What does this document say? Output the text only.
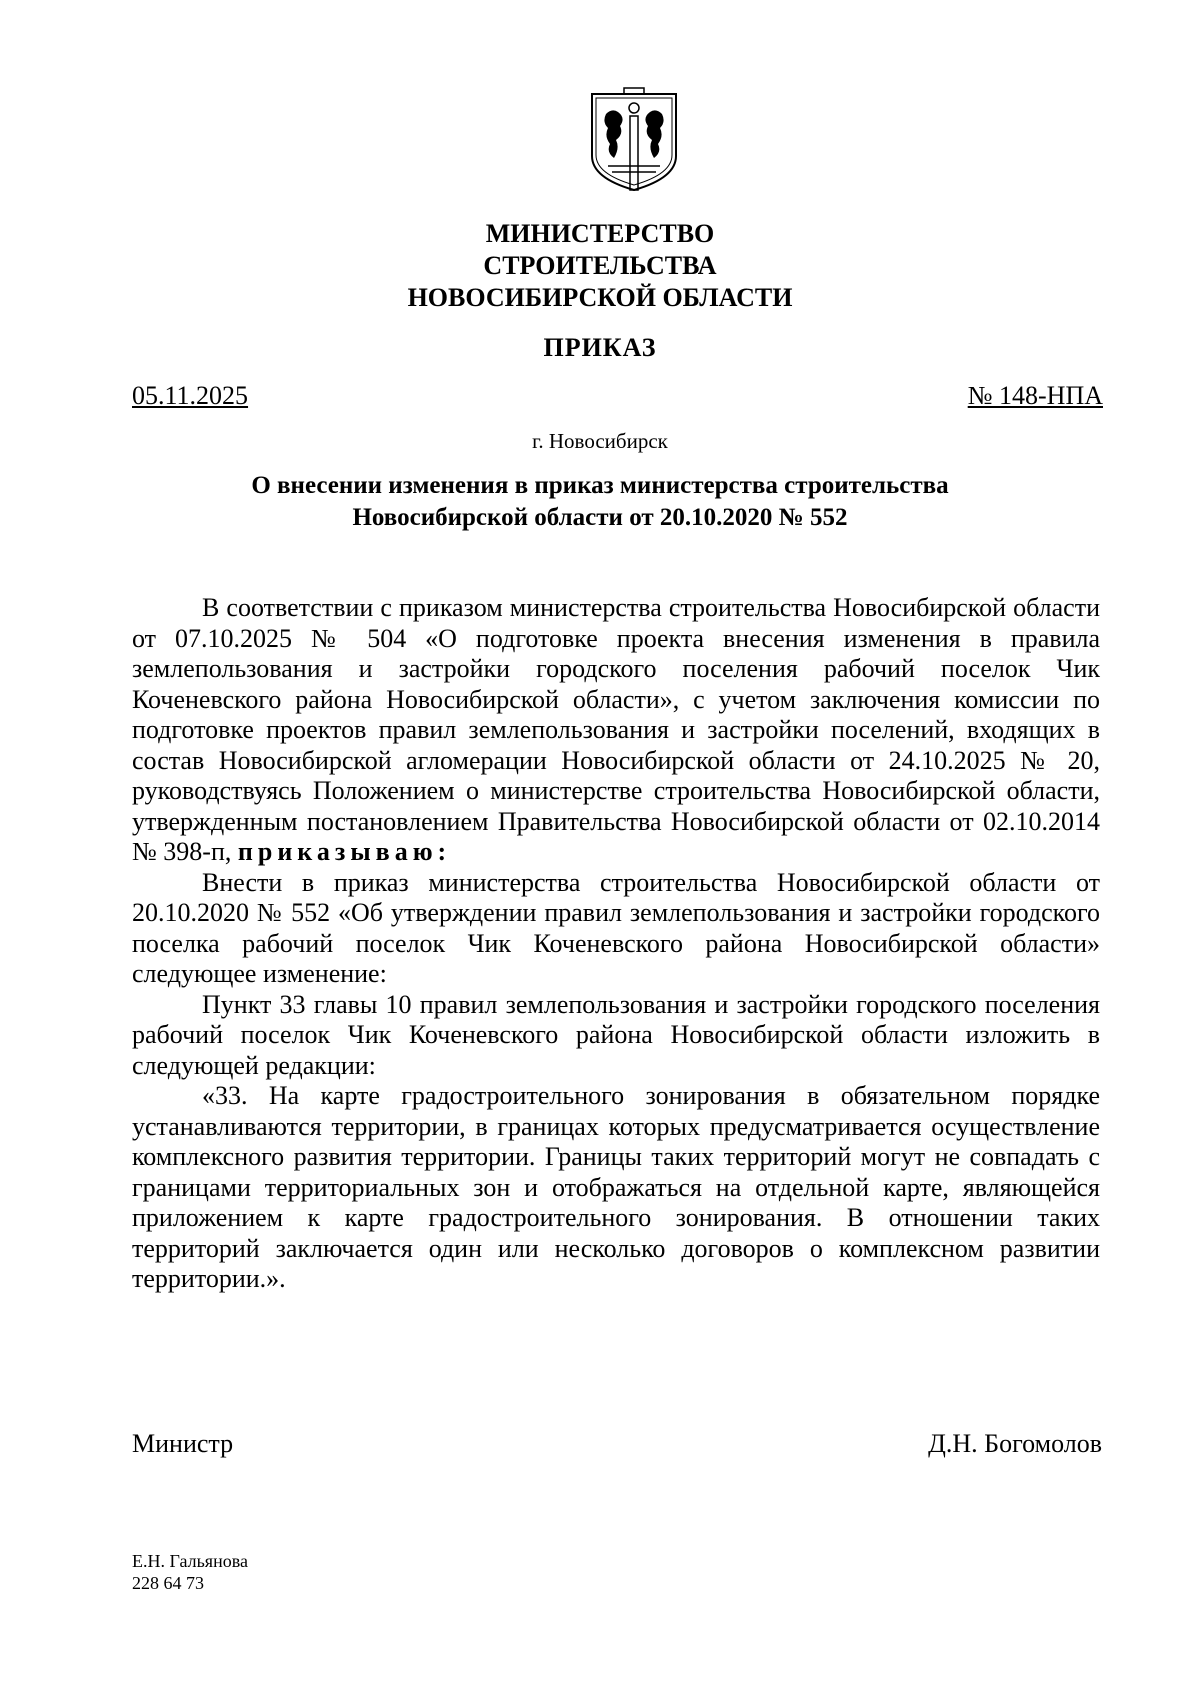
МИНИСТЕРСТВО
СТРОИТЕЛЬСТВА
НОВОСИБИРСКОЙ ОБЛАСТИ
ПРИКАЗ
05.11.2025	№ 148-НПА
г. Новосибирск
О внесении изменения в приказ министерства строительства
Новосибирской области от 20.10.2020 № 552

В соответствии с приказом министерства строительства Новосибирской области от 07.10.2025 № 504 «О подготовке проекта внесения изменения в правила землепользования и застройки городского поселения рабочий поселок Чик Коченевского района Новосибирской области», с учетом заключения комиссии по подготовке проектов правил землепользования и застройки поселений, входящих в состав Новосибирской агломерации Новосибирской области от 24.10.2025 № 20, руководствуясь Положением о министерстве строительства Новосибирской области, утвержденным постановлением Правительства Новосибирской области от 02.10.2014 № 398-п, приказываю:

Внести в приказ министерства строительства Новосибирской области от 20.10.2020 № 552 «Об утверждении правил землепользования и застройки городского поселка рабочий поселок Чик Коченевского района Новосибирской области» следующее изменение:

Пункт 33 главы 10 правил землепользования и застройки городского поселения рабочий поселок Чик Коченевского района Новосибирской области изложить в следующей редакции:

«33. На карте градостроительного зонирования в обязательном порядке устанавливаются территории, в границах которых предусматривается осуществление комплексного развития территории. Границы таких территорий могут не совпадать с границами территориальных зон и отображаться на отдельной карте, являющейся приложением к карте градостроительного зонирования. В отношении таких территорий заключается один или несколько договоров о комплексном развитии территории.».

Министр	Д.Н. Богомолов
Е.Н. Гальянова
228 64 73
